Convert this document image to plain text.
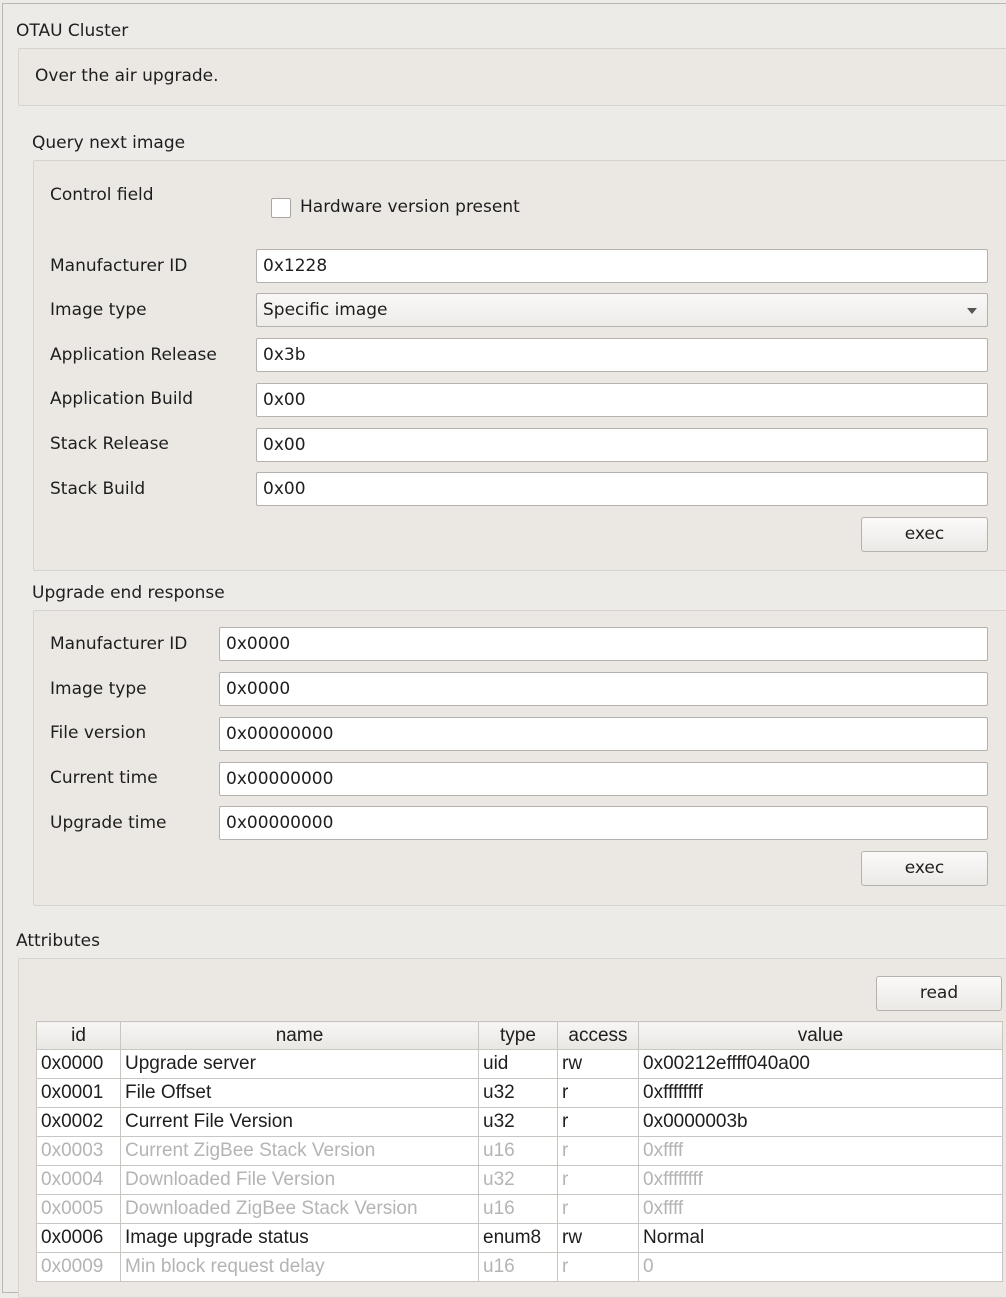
OTAU Cluster
Over the air upgrade.
Query next image
Control field
Hardware version present
Manufacturer ID	0x1228
Image type	Specific image
Application Release	0x3b
Application Build	0x00
Stack Release	0x00
Stack Build	0x00
exec
Upgrade end response
Manufacturer ID	0x0000
Image type	0x0000
File version	0x00000000
Current time	0x00000000
Upgrade time	0x00000000
exec
Attributes
read
id	name	type	access	value
0x0000	Upgrade server	uid	rw	0x00212effff040a00
0x0001	File Offset	u32	r	0xffffffff
0x0002	Current File Version	u32	r	0x0000003b
0x0003	Current ZigBee Stack Version	u16	r	0xffff
0x0004	Downloaded File Version	u32	r	0xffffffff
0x0005	Downloaded ZigBee Stack Version	u16	r	0xffff
0x0006	Image upgrade status	enum8	rw	Normal
0x0009	Min block request delay	u16	r	0
